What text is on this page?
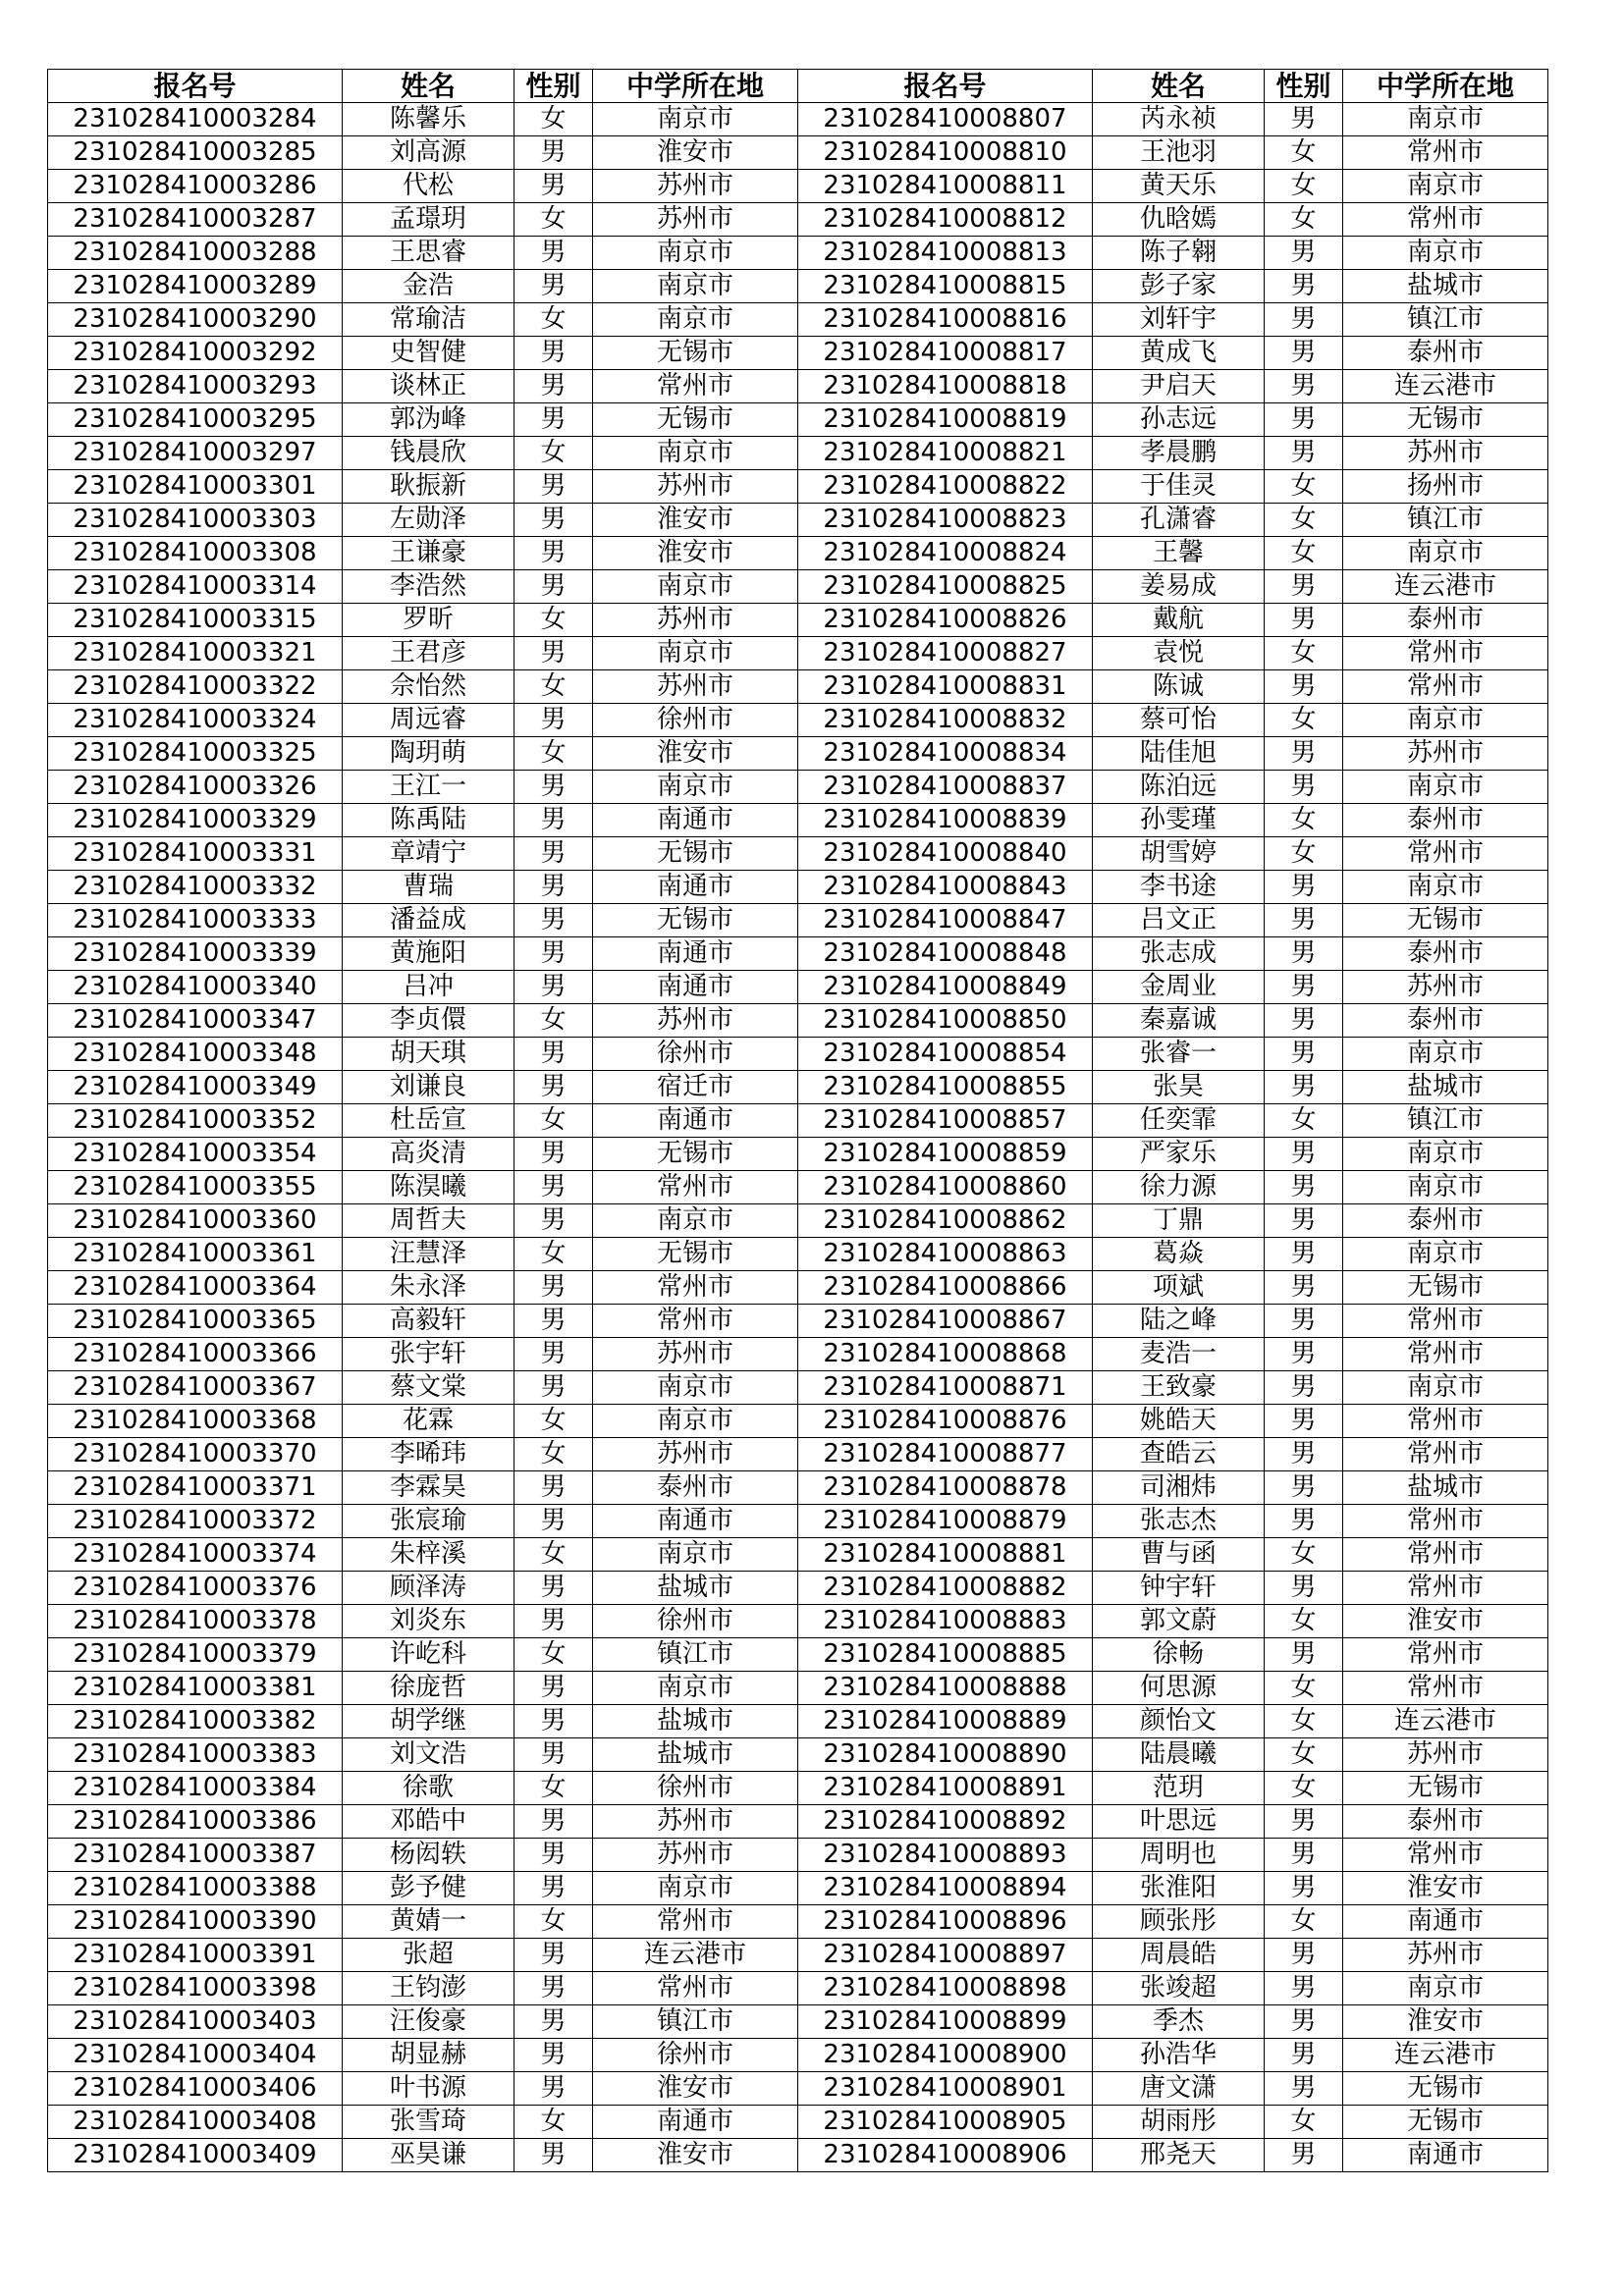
报名号	姓名	性别	中学所在地	报名号	姓名	性别	中学所在地
231028410003284	陈馨乐	女	南京市	231028410008807	芮永祯	男	南京市
231028410003285	刘高源	男	淮安市	231028410008810	王池羽	女	常州市
231028410003286	代松	男	苏州市	231028410008811	黄天乐	女	南京市
231028410003287	孟璟玥	女	苏州市	231028410008812	仇晗嫣	女	常州市
231028410003288	王思睿	男	南京市	231028410008813	陈子翱	男	南京市
231028410003289	金浩	男	南京市	231028410008815	彭子家	男	盐城市
231028410003290	常瑜洁	女	南京市	231028410008816	刘轩宇	男	镇江市
231028410003292	史智健	男	无锡市	231028410008817	黄成飞	男	泰州市
231028410003293	谈林正	男	常州市	231028410008818	尹启天	男	连云港市
231028410003295	郭沩峰	男	无锡市	231028410008819	孙志远	男	无锡市
231028410003297	钱晨欣	女	南京市	231028410008821	孝晨鹏	男	苏州市
231028410003301	耿振新	男	苏州市	231028410008822	于佳灵	女	扬州市
231028410003303	左勋泽	男	淮安市	231028410008823	孔潇睿	女	镇江市
231028410003308	王谦豪	男	淮安市	231028410008824	王馨	女	南京市
231028410003314	李浩然	男	南京市	231028410008825	姜易成	男	连云港市
231028410003315	罗昕	女	苏州市	231028410008826	戴航	男	泰州市
231028410003321	王君彦	男	南京市	231028410008827	袁悦	女	常州市
231028410003322	佘怡然	女	苏州市	231028410008831	陈诚	男	常州市
231028410003324	周远睿	男	徐州市	231028410008832	蔡可怡	女	南京市
231028410003325	陶玥萌	女	淮安市	231028410008834	陆佳旭	男	苏州市
231028410003326	王江一	男	南京市	231028410008837	陈泊远	男	南京市
231028410003329	陈禹陆	男	南通市	231028410008839	孙雯瑾	女	泰州市
231028410003331	章靖宁	男	无锡市	231028410008840	胡雪婷	女	常州市
231028410003332	曹瑞	男	南通市	231028410008843	李书途	男	南京市
231028410003333	潘益成	男	无锡市	231028410008847	吕文正	男	无锡市
231028410003339	黄施阳	男	南通市	231028410008848	张志成	男	泰州市
231028410003340	吕冲	男	南通市	231028410008849	金周业	男	苏州市
231028410003347	李贞儇	女	苏州市	231028410008850	秦嘉诚	男	泰州市
231028410003348	胡天琪	男	徐州市	231028410008854	张睿一	男	南京市
231028410003349	刘谦良	男	宿迁市	231028410008855	张昊	男	盐城市
231028410003352	杜岳宣	女	南通市	231028410008857	任奕霏	女	镇江市
231028410003354	高炎清	男	无锡市	231028410008859	严家乐	男	南京市
231028410003355	陈淏曦	男	常州市	231028410008860	徐力源	男	南京市
231028410003360	周哲夫	男	南京市	231028410008862	丁鼎	男	泰州市
231028410003361	汪慧泽	女	无锡市	231028410008863	葛焱	男	南京市
231028410003364	朱永泽	男	常州市	231028410008866	项斌	男	无锡市
231028410003365	高毅轩	男	常州市	231028410008867	陆之峰	男	常州市
231028410003366	张宇轩	男	苏州市	231028410008868	麦浩一	男	常州市
231028410003367	蔡文棠	男	南京市	231028410008871	王致豪	男	南京市
231028410003368	花霖	女	南京市	231028410008876	姚皓天	男	常州市
231028410003370	李晞玮	女	苏州市	231028410008877	查皓云	男	常州市
231028410003371	李霖昊	男	泰州市	231028410008878	司湘炜	男	盐城市
231028410003372	张宸瑜	男	南通市	231028410008879	张志杰	男	常州市
231028410003374	朱梓溪	女	南京市	231028410008881	曹与函	女	常州市
231028410003376	顾泽涛	男	盐城市	231028410008882	钟宇轩	男	常州市
231028410003378	刘炎东	男	徐州市	231028410008883	郭文蔚	女	淮安市
231028410003379	许屹科	女	镇江市	231028410008885	徐畅	男	常州市
231028410003381	徐庞哲	男	南京市	231028410008888	何思源	女	常州市
231028410003382	胡学继	男	盐城市	231028410008889	颜怡文	女	连云港市
231028410003383	刘文浩	男	盐城市	231028410008890	陆晨曦	女	苏州市
231028410003384	徐歌	女	徐州市	231028410008891	范玥	女	无锡市
231028410003386	邓皓中	男	苏州市	231028410008892	叶思远	男	泰州市
231028410003387	杨闳轶	男	苏州市	231028410008893	周明也	男	常州市
231028410003388	彭予健	男	南京市	231028410008894	张淮阳	男	淮安市
231028410003390	黄婧一	女	常州市	231028410008896	顾张彤	女	南通市
231028410003391	张超	男	连云港市	231028410008897	周晨皓	男	苏州市
231028410003398	王钧澎	男	常州市	231028410008898	张竣超	男	南京市
231028410003403	汪俊豪	男	镇江市	231028410008899	季杰	男	淮安市
231028410003404	胡显赫	男	徐州市	231028410008900	孙浩华	男	连云港市
231028410003406	叶书源	男	淮安市	231028410008901	唐文潇	男	无锡市
231028410003408	张雪琦	女	南通市	231028410008905	胡雨彤	女	无锡市
231028410003409	巫昊谦	男	淮安市	231028410008906	邢尧天	男	南通市
